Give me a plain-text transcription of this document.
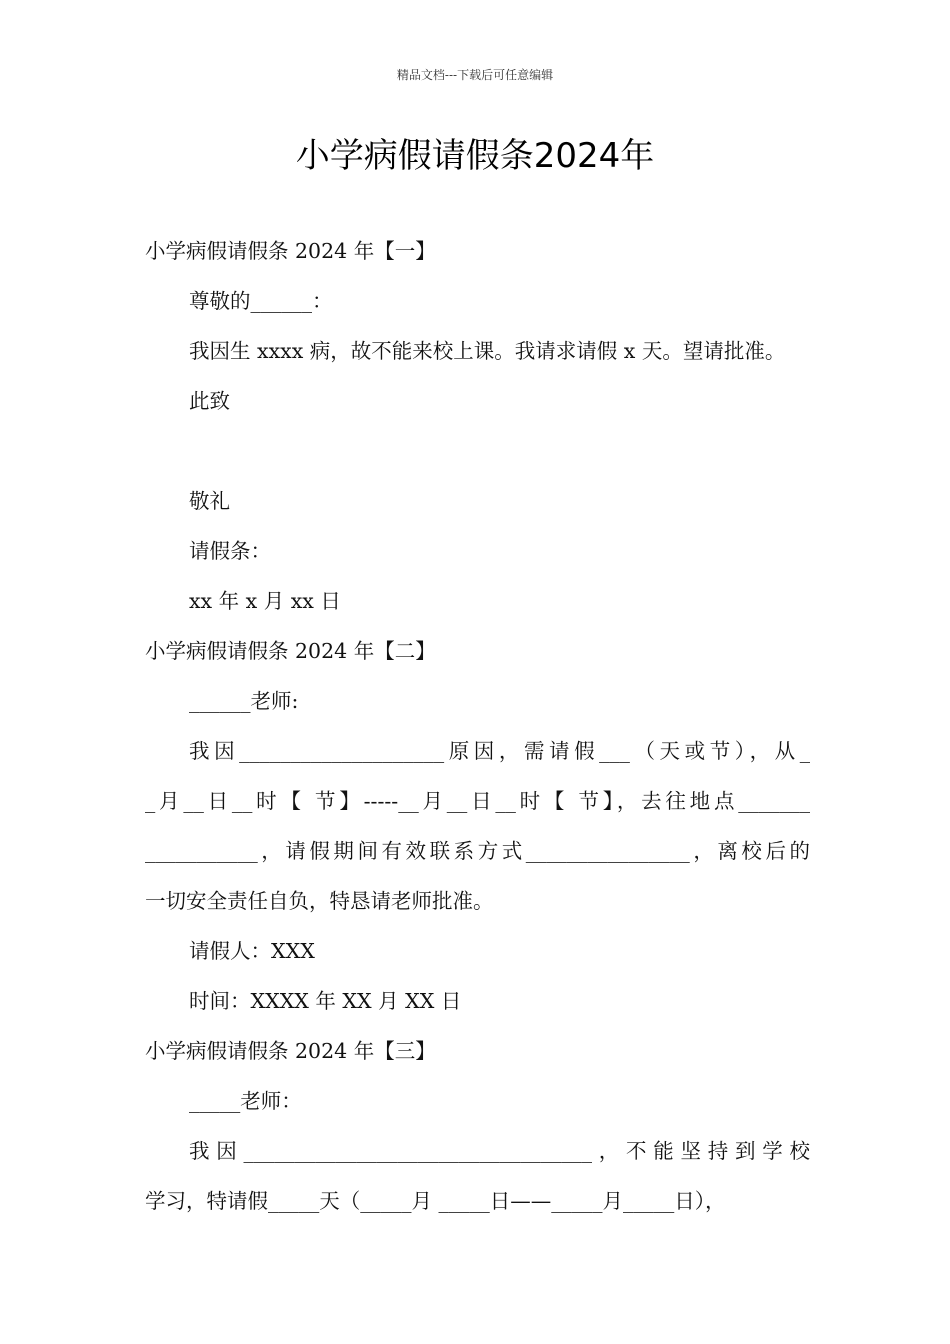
精品文档---下载后可任意编辑
小学病假请假条2024年

小学病假请假条 2024 年【一】

尊敬的______：

我因生 xxxx 病，故不能来校上课。我请求请假 x 天。望请批准。

此致

敬礼

请假条：

xx 年 x 月 xx 日

小学病假请假条 2024 年【二】

______老师:

我因____________________原因，需请假___（天或节），从_

_月__日__时【 节】-----__月__日__时【 节】，去往地点_______

___________，请假期间有效联系方式________________，离校后的

一切安全责任自负，特恳请老师批准。

请假人：XXX

时间：XXXX 年 XX 月 XX 日

小学病假请假条 2024 年【三】

_____老师：

我因__________________________________，不能坚持到学校

学习，特请假_____天（_____月 _____日——_____月_____日），
